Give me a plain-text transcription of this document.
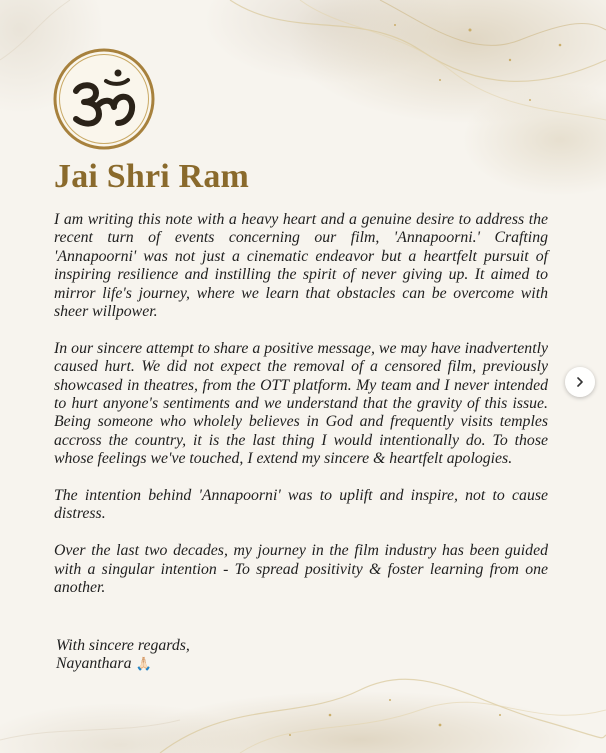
Jai Shri Ram

I am writing this note with a heavy heart and a genuine desire to address the recent turn of events concerning our film, 'Annapoorni.' Crafting 'Annapoorni' was not just a cinematic endeavor but a heartfelt pursuit of inspiring resilience and instilling the spirit of never giving up. It aimed to mirror life's journey, where we learn that obstacles can be overcome with sheer willpower.

In our sincere attempt to share a positive message, we may have inadvertently caused hurt. We did not expect the removal of a censored film, previously showcased in theatres, from the OTT platform. My team and I never intended to hurt anyone's sentiments and we understand that the gravity of this issue. Being someone who wholely believes in God and frequently visits temples accross the country, it is the last thing I would intentionally do. To those whose feelings we've touched, I extend my sincere & heartfelt apologies.

The intention behind 'Annapoorni' was to uplift and inspire, not to cause distress.

Over the last two decades, my journey in the film industry has been guided with a singular intention - To spread positivity & foster learning from one another.

With sincere regards,
Nayanthara 🙏🏻
